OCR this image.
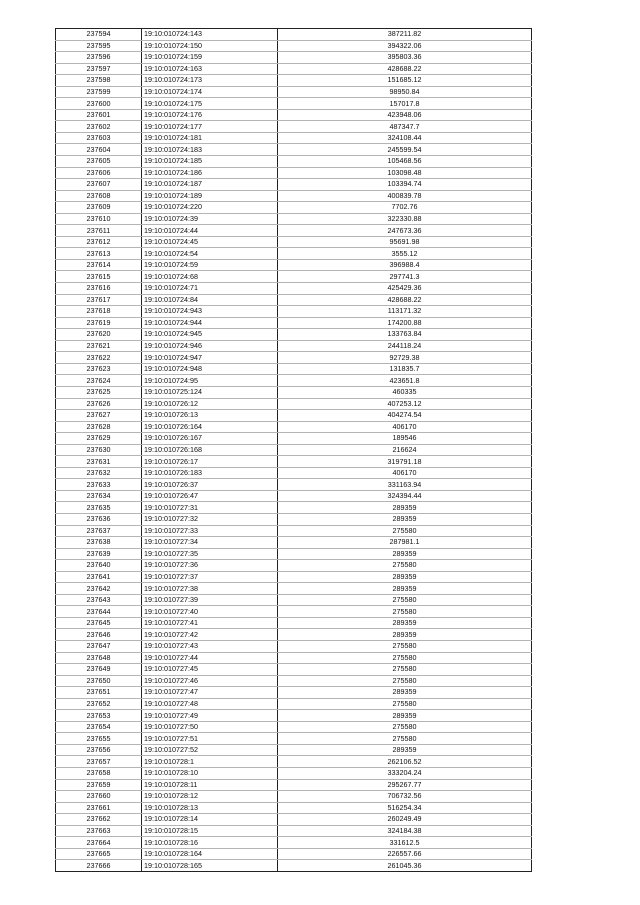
237594	19:10:010724:143	387211.82
237595	19:10:010724:150	394322.06
237596	19:10:010724:159	395803.36
237597	19:10:010724:163	428688.22
237598	19:10:010724:173	151685.12
237599	19:10:010724:174	98950.84
237600	19:10:010724:175	157017.8
237601	19:10:010724:176	423948.06
237602	19:10:010724:177	487347.7
237603	19:10:010724:181	324108.44
237604	19:10:010724:183	245599.54
237605	19:10:010724:185	105468.56
237606	19:10:010724:186	103098.48
237607	19:10:010724:187	103394.74
237608	19:10:010724:189	400839.78
237609	19:10:010724:220	7702.76
237610	19:10:010724:39	322330.88
237611	19:10:010724:44	247673.36
237612	19:10:010724:45	95691.98
237613	19:10:010724:54	3555.12
237614	19:10:010724:59	396988.4
237615	19:10:010724:68	297741.3
237616	19:10:010724:71	425429.36
237617	19:10:010724:84	428688.22
237618	19:10:010724:943	113171.32
237619	19:10:010724:944	174200.88
237620	19:10:010724:945	133763.84
237621	19:10:010724:946	244118.24
237622	19:10:010724:947	92729.38
237623	19:10:010724:948	131835.7
237624	19:10:010724:95	423651.8
237625	19:10:010725:124	460335
237626	19:10:010726:12	407253.12
237627	19:10:010726:13	404274.54
237628	19:10:010726:164	406170
237629	19:10:010726:167	189546
237630	19:10:010726:168	216624
237631	19:10:010726:17	319791.18
237632	19:10:010726:183	406170
237633	19:10:010726:37	331163.94
237634	19:10:010726:47	324394.44
237635	19:10:010727:31	289359
237636	19:10:010727:32	289359
237637	19:10:010727:33	275580
237638	19:10:010727:34	287981.1
237639	19:10:010727:35	289359
237640	19:10:010727:36	275580
237641	19:10:010727:37	289359
237642	19:10:010727:38	289359
237643	19:10:010727:39	275580
237644	19:10:010727:40	275580
237645	19:10:010727:41	289359
237646	19:10:010727:42	289359
237647	19:10:010727:43	275580
237648	19:10:010727:44	275580
237649	19:10:010727:45	275580
237650	19:10:010727:46	275580
237651	19:10:010727:47	289359
237652	19:10:010727:48	275580
237653	19:10:010727:49	289359
237654	19:10:010727:50	275580
237655	19:10:010727:51	275580
237656	19:10:010727:52	289359
237657	19:10:010728:1	262106.52
237658	19:10:010728:10	333204.24
237659	19:10:010728:11	295267.77
237660	19:10:010728:12	706732.56
237661	19:10:010728:13	516254.34
237662	19:10:010728:14	260249.49
237663	19:10:010728:15	324184.38
237664	19:10:010728:16	331612.5
237665	19:10:010728:164	226557.66
237666	19:10:010728:165	261045.36
